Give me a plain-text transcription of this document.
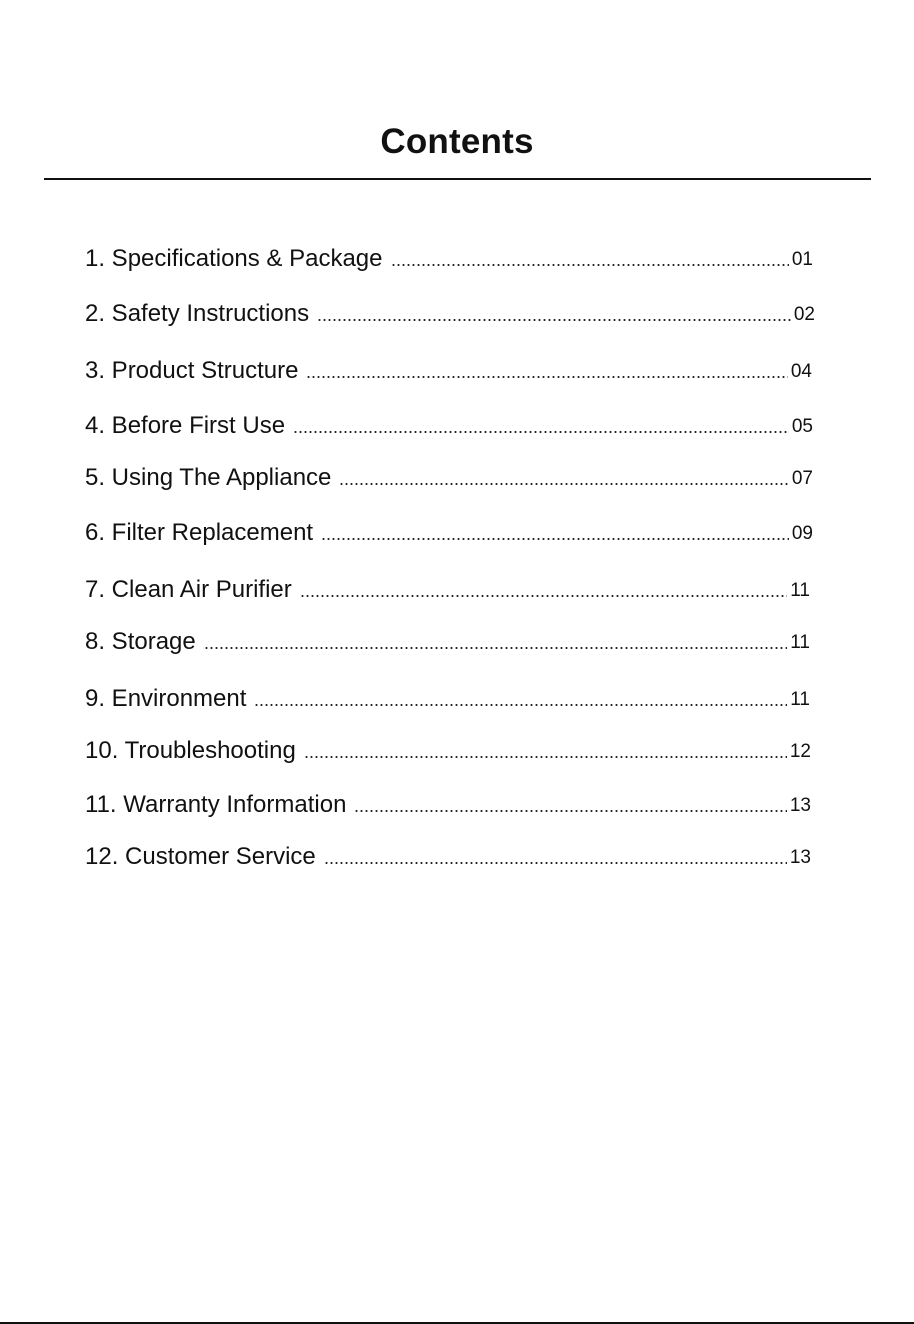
Contents
1. Specifications & Package	01
2. Safety Instructions	02
3. Product Structure	04
4. Before First Use	05
5. Using The Appliance	07
6. Filter Replacement	09
7. Clean Air Purifier	11
8. Storage	11
9. Environment	11
10. Troubleshooting	12
11. Warranty Information	13
12. Customer Service	13
